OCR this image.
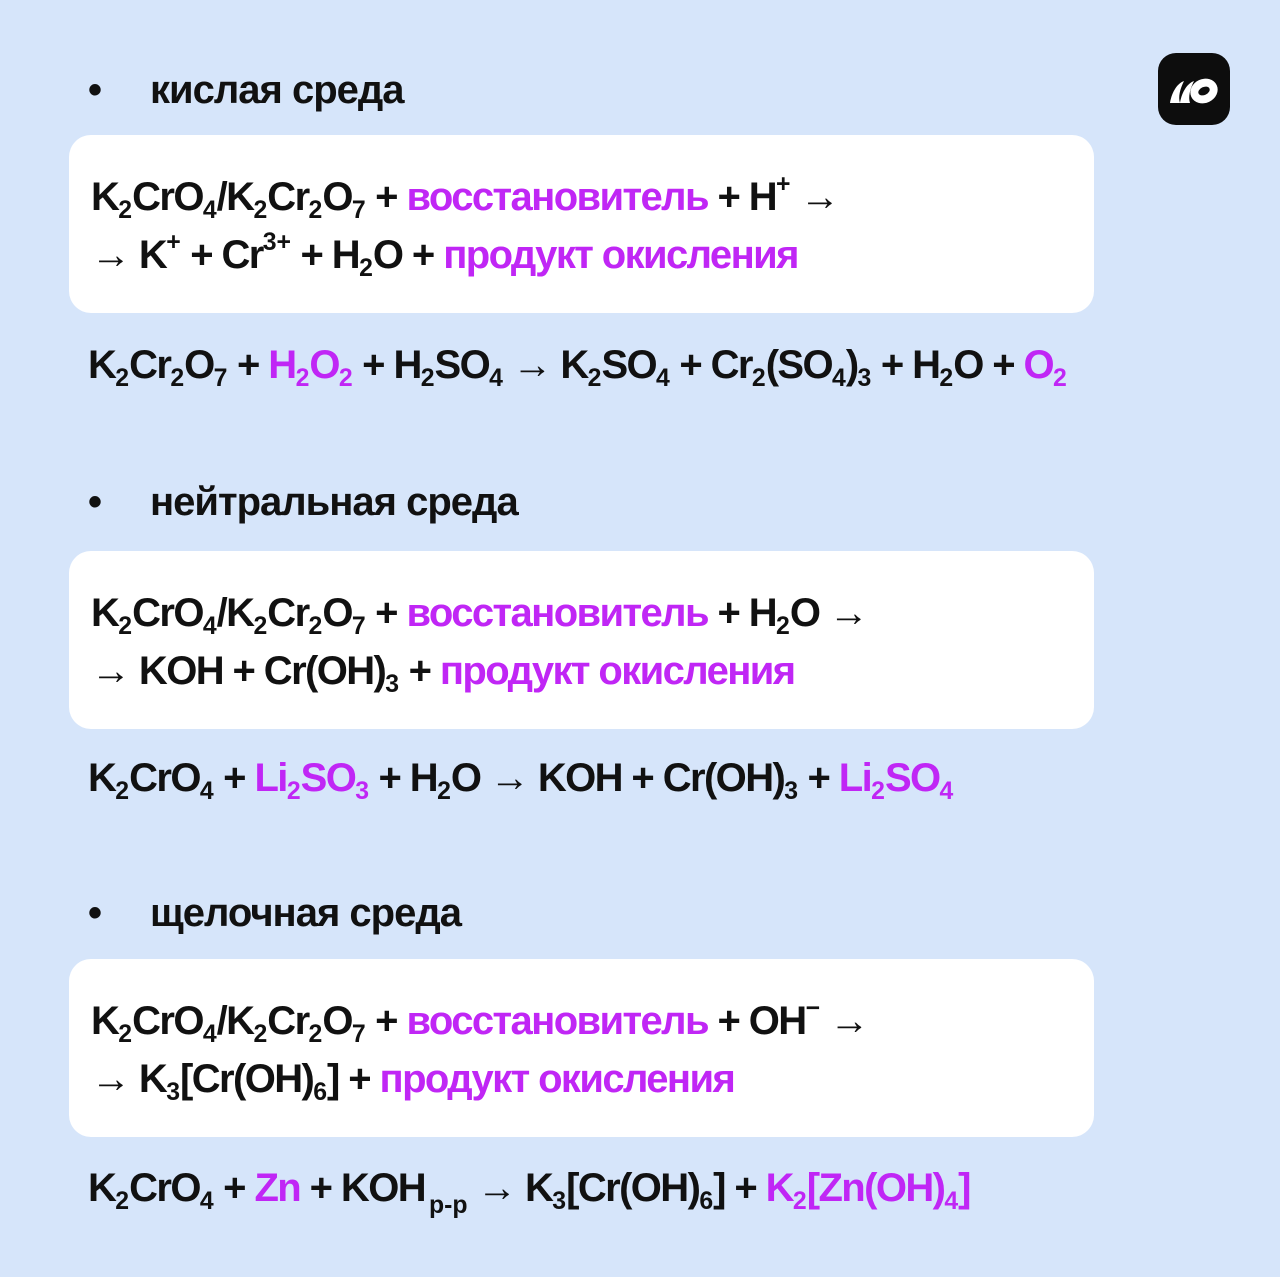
• кислая среда
$K_2CrO_4/K_2Cr_2O_7$ + восстановитель + H+ →
→ $K^+ + Cr^{3+} + H_2O$ + продукт окисления
$K_2Cr_2O_7 + H_2O_2 + H_2SO_4 \to K_2SO_4 + Cr_2(SO_4)_3 + H_2O + O_2$
• нейтральная среда
$K_2CrO_4/K_2Cr_2O_7$ + восстановитель + $H_2O$ →
→ KOH + $Cr(OH)_3$ + продукт окисления
$K_2CrO_4 + Li_2SO_3 + H_2O$ → KOH + $Cr(OH)_3 + Li_2SO_4$
• щелочная среда
$K_2CrO_4/K_2Cr_2O_7$ + восстановитель + OH− →
→ $K_3[Cr(OH)_6]$ + продукт окисления
$K_2CrO_4 + Zn$ + KOH $_{р-р} \to K_3[Cr(OH)_6] + K_2[Zn(OH)_4]$
